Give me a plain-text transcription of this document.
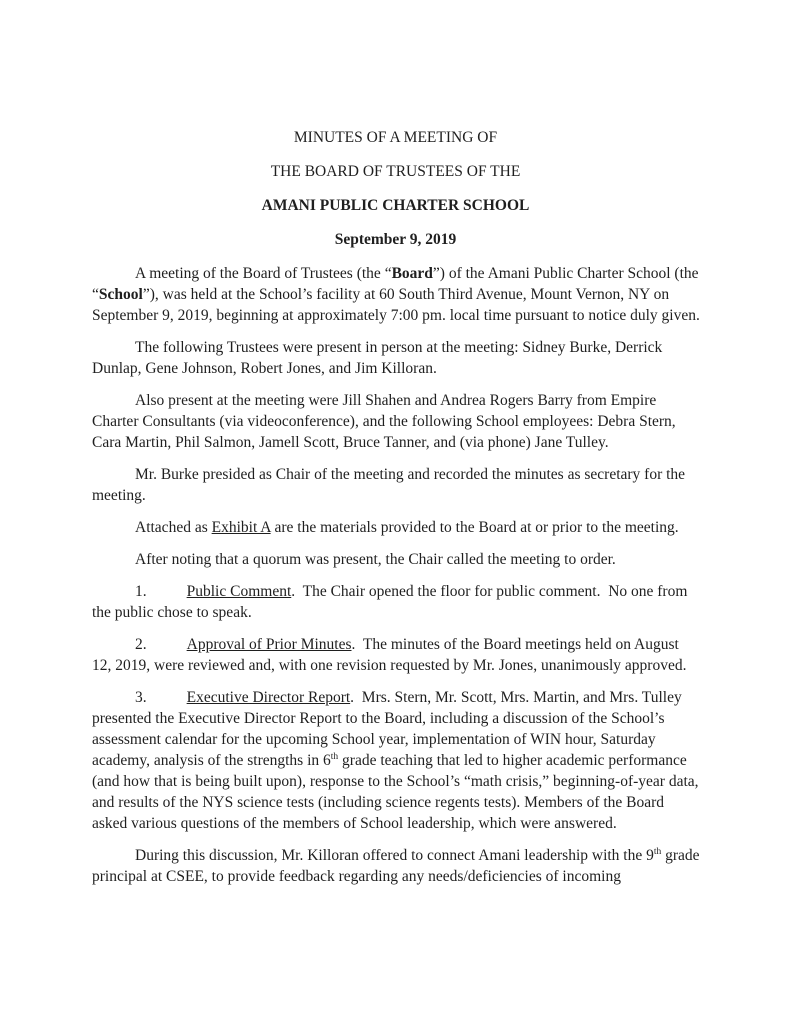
MINUTES OF A MEETING OF

THE BOARD OF TRUSTEES OF THE

AMANI PUBLIC CHARTER SCHOOL

September 9, 2019

A meeting of the Board of Trustees (the “Board”) of the Amani Public Charter School (the “School”), was held at the School’s facility at 60 South Third Avenue, Mount Vernon, NY on September 9, 2019, beginning at approximately 7:00 pm. local time pursuant to notice duly given.

The following Trustees were present in person at the meeting: Sidney Burke, Derrick Dunlap, Gene Johnson, Robert Jones, and Jim Killoran.

Also present at the meeting were Jill Shahen and Andrea Rogers Barry from Empire Charter Consultants (via videoconference), and the following School employees: Debra Stern, Cara Martin, Phil Salmon, Jamell Scott, Bruce Tanner, and (via phone) Jane Tulley.

Mr. Burke presided as Chair of the meeting and recorded the minutes as secretary for the meeting.

Attached as Exhibit A are the materials provided to the Board at or prior to the meeting.

After noting that a quorum was present, the Chair called the meeting to order.

1.	Public Comment.  The Chair opened the floor for public comment.  No one from the public chose to speak.

2.	Approval of Prior Minutes.  The minutes of the Board meetings held on August 12, 2019, were reviewed and, with one revision requested by Mr. Jones, unanimously approved.

3.	Executive Director Report.  Mrs. Stern, Mr. Scott, Mrs. Martin, and Mrs. Tulley presented the Executive Director Report to the Board, including a discussion of the School’s assessment calendar for the upcoming School year, implementation of WIN hour, Saturday academy, analysis of the strengths in 6th grade teaching that led to higher academic performance (and how that is being built upon), response to the School’s “math crisis,” beginning-of-year data, and results of the NYS science tests (including science regents tests). Members of the Board asked various questions of the members of School leadership, which were answered.

During this discussion, Mr. Killoran offered to connect Amani leadership with the 9th grade principal at CSEE, to provide feedback regarding any needs/deficiencies of incoming
